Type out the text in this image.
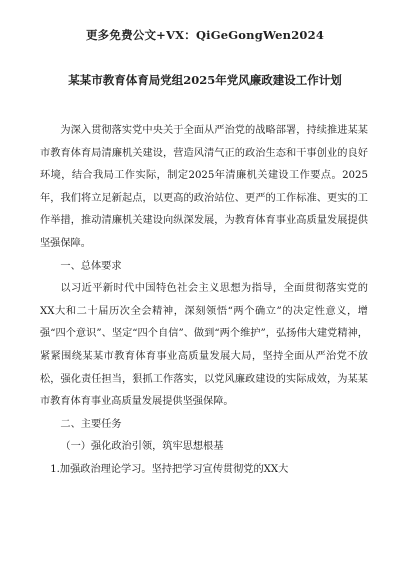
更多免费公文+VX：QiGeGongWen2024
某某市教育体育局党组2025年党风廉政建设工作计划

为深入贯彻落实党中央关于全面从严治党的战略部署，持续推进某某市教育体育局清廉机关建设，营造风清气正的政治生态和干事创业的良好环境，结合我局工作实际，制定2025年清廉机关建设工作要点。2025年，我们将立足新起点，以更高的政治站位、更严的工作标准、更实的工作举措，推动清廉机关建设向纵深发展，为教育体育事业高质量发展提供坚强保障。

一、总体要求

以习近平新时代中国特色社会主义思想为指导，全面贯彻落实党的XX大和二十届历次全会精神，深刻领悟“两个确立”的决定性意义，增强“四个意识”、坚定“四个自信”、做到“两个维护”，弘扬伟大建党精神，紧紧围绕某某市教育体育事业高质量发展大局，坚持全面从严治党不放松，强化责任担当，狠抓工作落实，以党风廉政建设的实际成效，为某某市教育体育事业高质量发展提供坚强保障。

二、主要任务

（一）强化政治引领，筑牢思想根基

1.加强政治理论学习。坚持把学习宣传贯彻党的XX大
